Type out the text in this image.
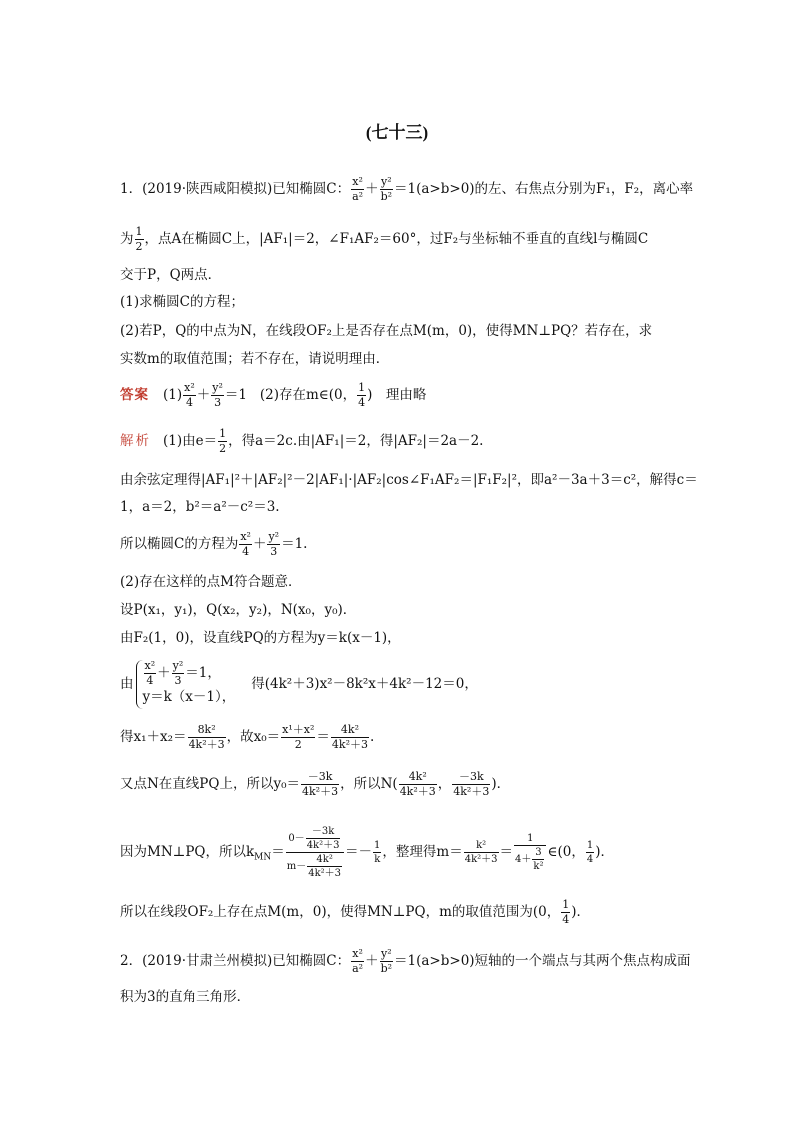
(七十三)
1．(2019·陕西咸阳模拟)已知椭圆C： $\frac{\text{x²}}{\text{a²}} + \frac{\text{y²}}{\text{b²}} =1(a>b>0)$的左、右焦点分别为F₁，F₂，离心率
为 $\frac{1}{2}$ ，点A在椭圆C上，|AF₁|＝2，∠F₁AF₂＝60°，过F₂与坐标轴不垂直的直线l与椭圆C
交于P，Q两点．
(1)求椭圆C的方程；
(2)若P，Q的中点为N，在线段OF₂上是否存在点M(m，0)，使得MN⊥PQ？若存在，求
实数m的取值范围；若不存在，请说明理由．
答案 $(1) \frac{\text{x²}}{4} + \frac{\text{y²}}{3} =1$ (2)存在m∈(0， $\frac{1}{4}$ )　理由略
解析 (1)由$e= \frac{1}{2}$ ，得a＝2c.由|AF₁|＝2，得|AF₂|＝2a－2.
由余弦定理得|AF₁|²＋|AF₂|²－2|AF₁|·|AF₂|cos∠F₁AF₂＝|F₁F₂|²，即a²－3a＋3＝c²，解得c＝
1，a＝2，b²＝a²－c²＝3.
所以椭圆C的方程为 $\frac{\text{x²}}{4} + \frac{\text{y²}}{3} =1$.
(2)存在这样的点M符合题意．
设P(x₁，y₁)，Q(x₂，y₂)，N(x₀，y₀)．
由F₂(1，0)，设直线PQ的方程为y＝k(x－1)，
由 $\frac{\text{x²}}{4} + \frac{\text{y²}}{3} =1$，
y＝k（x－1），
得(4k²＋3)x²－8k²x＋4k²－12＝0，
得$x_1+x_2= \frac{\text{8k²}}{\text{4k²＋3}}$ ，故$x_0= \frac{\text{x¹＋x²}}{2} = \frac{\text{4k²}}{\text{4k²＋3}}$ .
又点N在直线PQ上，所以$y_0= \frac{-3k}{\text{4k²＋3}}$ ，所以$N( \frac{\text{4k²}}{\text{4k²＋3}}$ ， $\frac{-3k}{\text{4k²＋3}}$ )．
因为MN⊥PQ，所以$k_{MN}= \frac{0- \frac{-3k}{\text{4k²＋3}}}{m- \frac{\text{4k²}}{\text{4k²＋3}}} =- \frac{1}{k}$ ，整理得$m= \frac{\text{k²}}{\text{4k²＋3}} = \frac{1}{4+ \frac{3}{\text{k²}}}$ ∈(0， $\frac{1}{4}$ )．
所以在线段OF₂上存在点M(m，0)，使得MN⊥PQ，m的取值范围为(0， $\frac{1}{4}$ )．
2．(2019·甘肃兰州模拟)已知椭圆C： $\frac{\text{x²}}{\text{a²}} + \frac{\text{y²}}{\text{b²}} =1(a>b>0)$短轴的一个端点与其两个焦点构成面
积为3的直角三角形．
